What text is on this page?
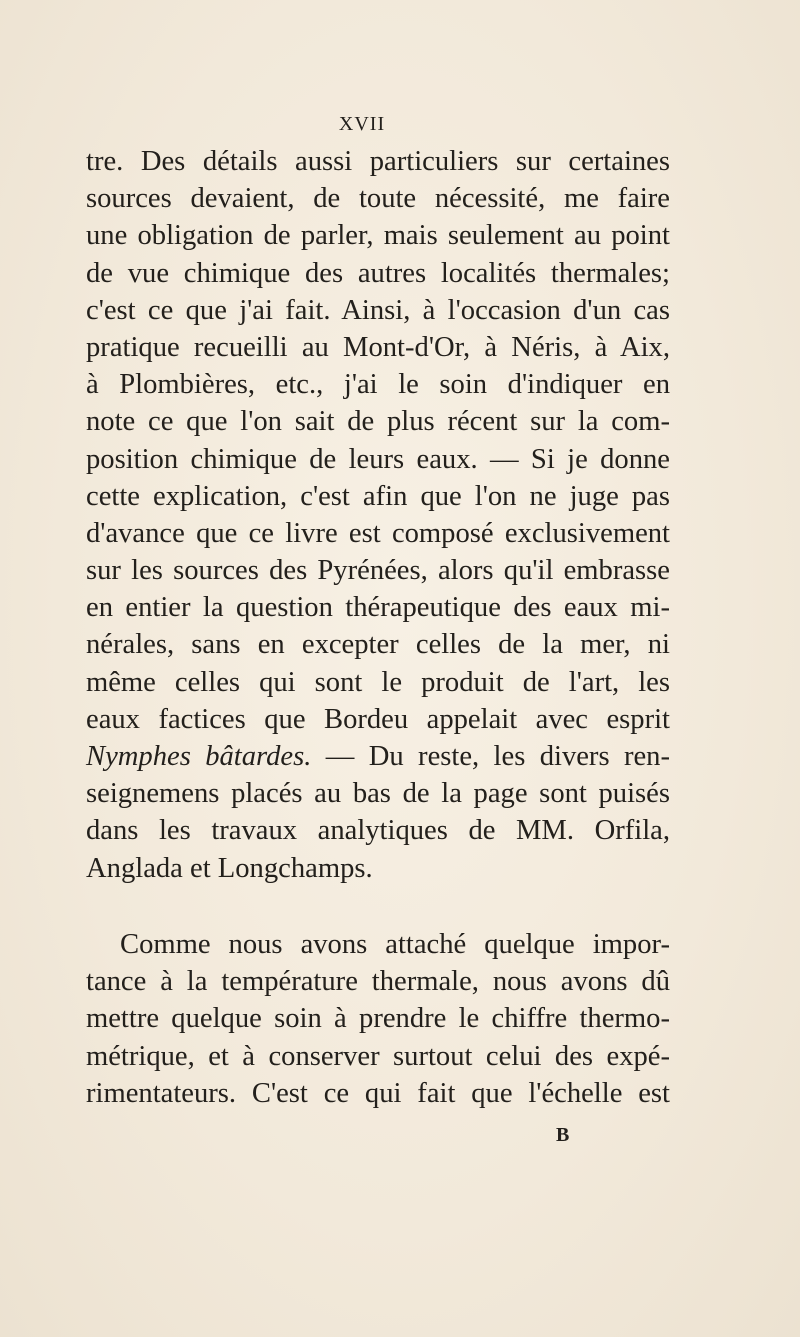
XVII
tre. Des détails aussi particuliers sur certaines
sources devaient, de toute nécessité, me faire
une obligation de parler, mais seulement au point
de vue chimique des autres localités thermales;
c'est ce que j'ai fait. Ainsi, à l'occasion d'un cas
pratique recueilli au Mont-d'Or, à Néris, à Aix,
à Plombières, etc., j'ai le soin d'indiquer en
note ce que l'on sait de plus récent sur la com-
position chimique de leurs eaux. — Si je donne
cette explication, c'est afin que l'on ne juge pas
d'avance que ce livre est composé exclusivement
sur les sources des Pyrénées, alors qu'il embrasse
en entier la question thérapeutique des eaux mi-
nérales, sans en excepter celles de la mer, ni
même celles qui sont le produit de l'art, les
eaux factices que Bordeu appelait avec esprit
Nymphes bâtardes. — Du reste, les divers ren-
seignemens placés au bas de la page sont puisés
dans les travaux analytiques de MM. Orfila,
Anglada et Longchamps.
Comme nous avons attaché quelque impor-
tance à la température thermale, nous avons dû
mettre quelque soin à prendre le chiffre thermo-
métrique, et à conserver surtout celui des expé-
rimentateurs. C'est ce qui fait que l'échelle est
B
